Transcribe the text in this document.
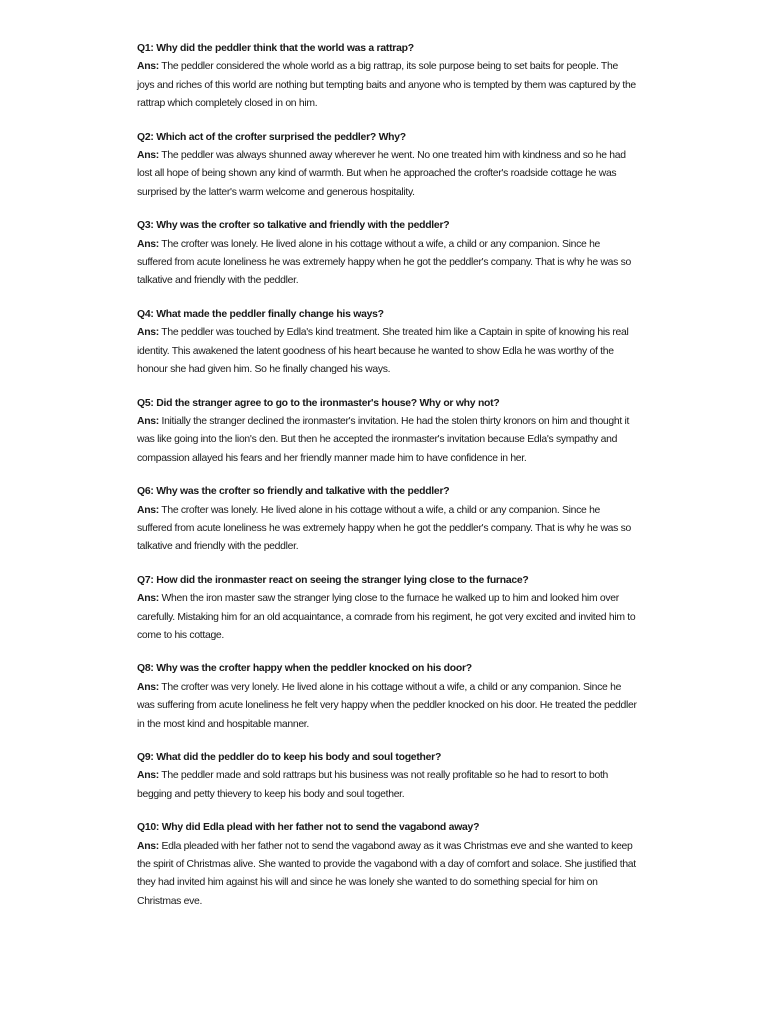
Q1: Why did the peddler think that the world was a rattrap?

Ans: The peddler considered the whole world as a big rattrap, its sole purpose being to set baits for people. The joys and riches of this world are nothing but tempting baits and anyone who is tempted by them was captured by the rattrap which completely closed in on him.

Q2: Which act of the crofter surprised the peddler? Why?

Ans: The peddler was always shunned away wherever he went. No one treated him with kindness and so he had lost all hope of being shown any kind of warmth. But when he approached the crofter's roadside cottage he was surprised by the latter's warm welcome and generous hospitality.

Q3: Why was the crofter so talkative and friendly with the peddler?

Ans: The crofter was lonely. He lived alone in his cottage without a wife, a child or any companion. Since he suffered from acute loneliness he was extremely happy when he got the peddler's company. That is why he was so talkative and friendly with the peddler.

Q4: What made the peddler finally change his ways?

Ans: The peddler was touched by Edla's kind treatment. She treated him like a Captain in spite of knowing his real identity. This awakened the latent goodness of his heart because he wanted to show Edla he was worthy of the honour she had given him. So he finally changed his ways.

Q5: Did the stranger agree to go to the ironmaster's house? Why or why not?

Ans: Initially the stranger declined the ironmaster's invitation. He had the stolen thirty kronors on him and thought it was like going into the lion's den. But then he accepted the ironmaster's invitation because Edla's sympathy and compassion allayed his fears and her friendly manner made him to have confidence in her.

Q6: Why was the crofter so friendly and talkative with the peddler?

Ans: The crofter was lonely. He lived alone in his cottage without a wife, a child or any companion. Since he suffered from acute loneliness he was extremely happy when he got the peddler's company. That is why he was so talkative and friendly with the peddler.

Q7: How did the ironmaster react on seeing the stranger lying close to the furnace?

Ans: When the iron master saw the stranger lying close to the furnace he walked up to him and looked him over carefully. Mistaking him for an old acquaintance, a comrade from his regiment, he got very excited and invited him to come to his cottage.

Q8: Why was the crofter happy when the peddler knocked on his door?

Ans: The crofter was very lonely. He lived alone in his cottage without a wife, a child or any companion. Since he was suffering from acute loneliness he felt very happy when the peddler knocked on his door. He treated the peddler in the most kind and hospitable manner.

Q9: What did the peddler do to keep his body and soul together?

Ans: The peddler made and sold rattraps but his business was not really profitable so he had to resort to both begging and petty thievery to keep his body and soul together.

Q10: Why did Edla plead with her father not to send the vagabond away?

Ans: Edla pleaded with her father not to send the vagabond away as it was Christmas eve and she wanted to keep the spirit of Christmas alive. She wanted to provide the vagabond with a day of comfort and solace. She justified that they had invited him against his will and since he was lonely she wanted to do something special for him on Christmas eve.
